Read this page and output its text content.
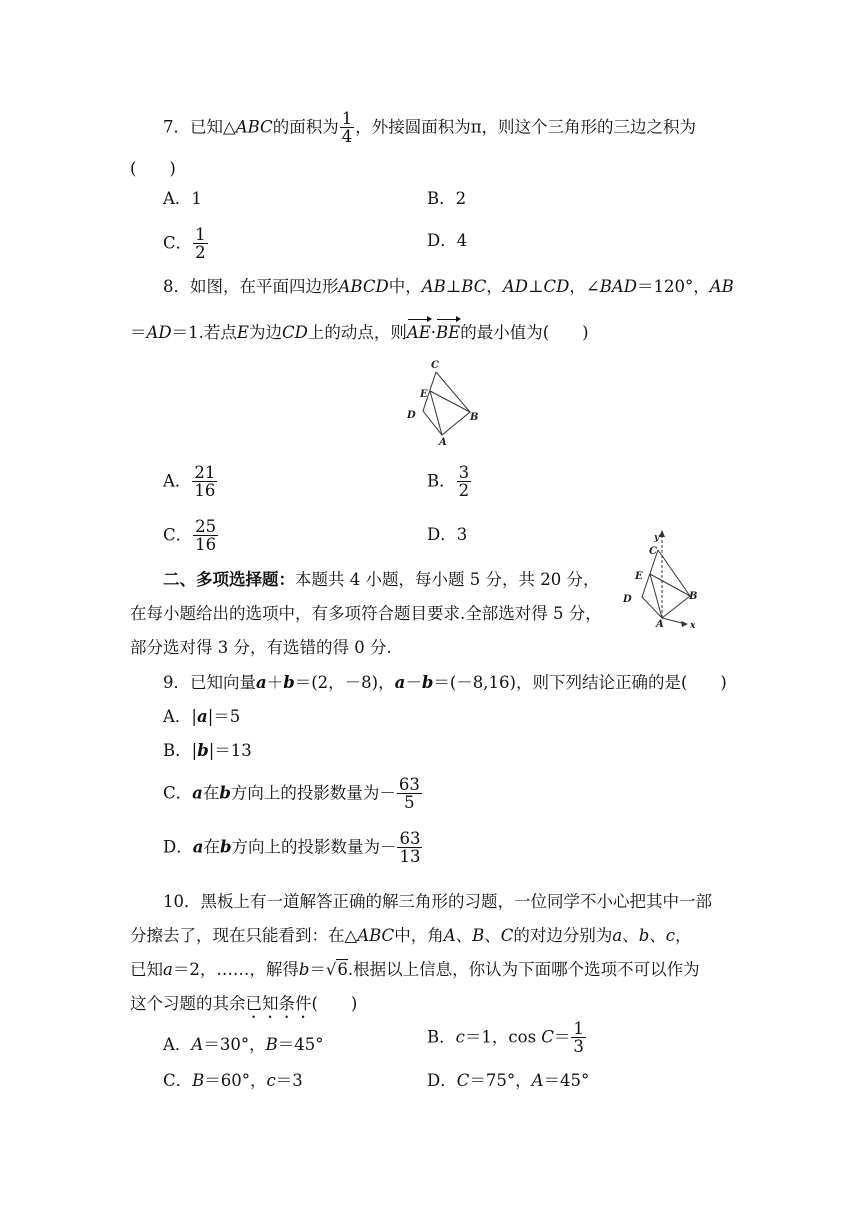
7．已知△ABC的面积为 $\frac{1}{4}$ ，外接圆面积为π，则这个三角形的三边之积为
(　　)
A．1	B．2
C． $\frac{1}{2}$	D．4
8．如图，在平面四边形ABCD中，AB⊥BC，AD⊥CD，∠BAD＝120°，AB
＝AD＝1.若点E为边CD上的动点，则AE·BE的最小值为(　　)
C
E
D	B
A
A． $\frac{21}{16}$	B． $\frac{3}{2}$
C． $\frac{25}{16}$	D．3	y
C
E
D	B
A	x
二、多项选择题：本题共 4 小题，每小题 5 分，共 20 分，
在每小题给出的选项中，有多项符合题目要求.全部选对得 5 分，
部分选对得 3 分，有选错的得 0 分.
9．已知向量a＋b＝(2，－8)，a－b＝(－8,16)，则下列结论正确的是(　　)
A．|a|＝5
B．|b|＝13
C．a在b方向上的投影数量为－ $\frac{63}{5}$
D．a在b方向上的投影数量为－ $\frac{63}{13}$
10．黑板上有一道解答正确的解三角形的习题，一位同学不小心把其中一部
分擦去了，现在只能看到：在△ABC中，角A、B、C的对边分别为a、b、c，
已知a＝2，……，解得b＝√6.根据以上信息，你认为下面哪个选项不可以作为
这个习题的其余已知条件(　　)
A．A＝30°，B＝45°	B．c＝1，$\cos C= \frac{1}{3}$
C．B＝60°，c＝3	D．C＝75°，A＝45°
